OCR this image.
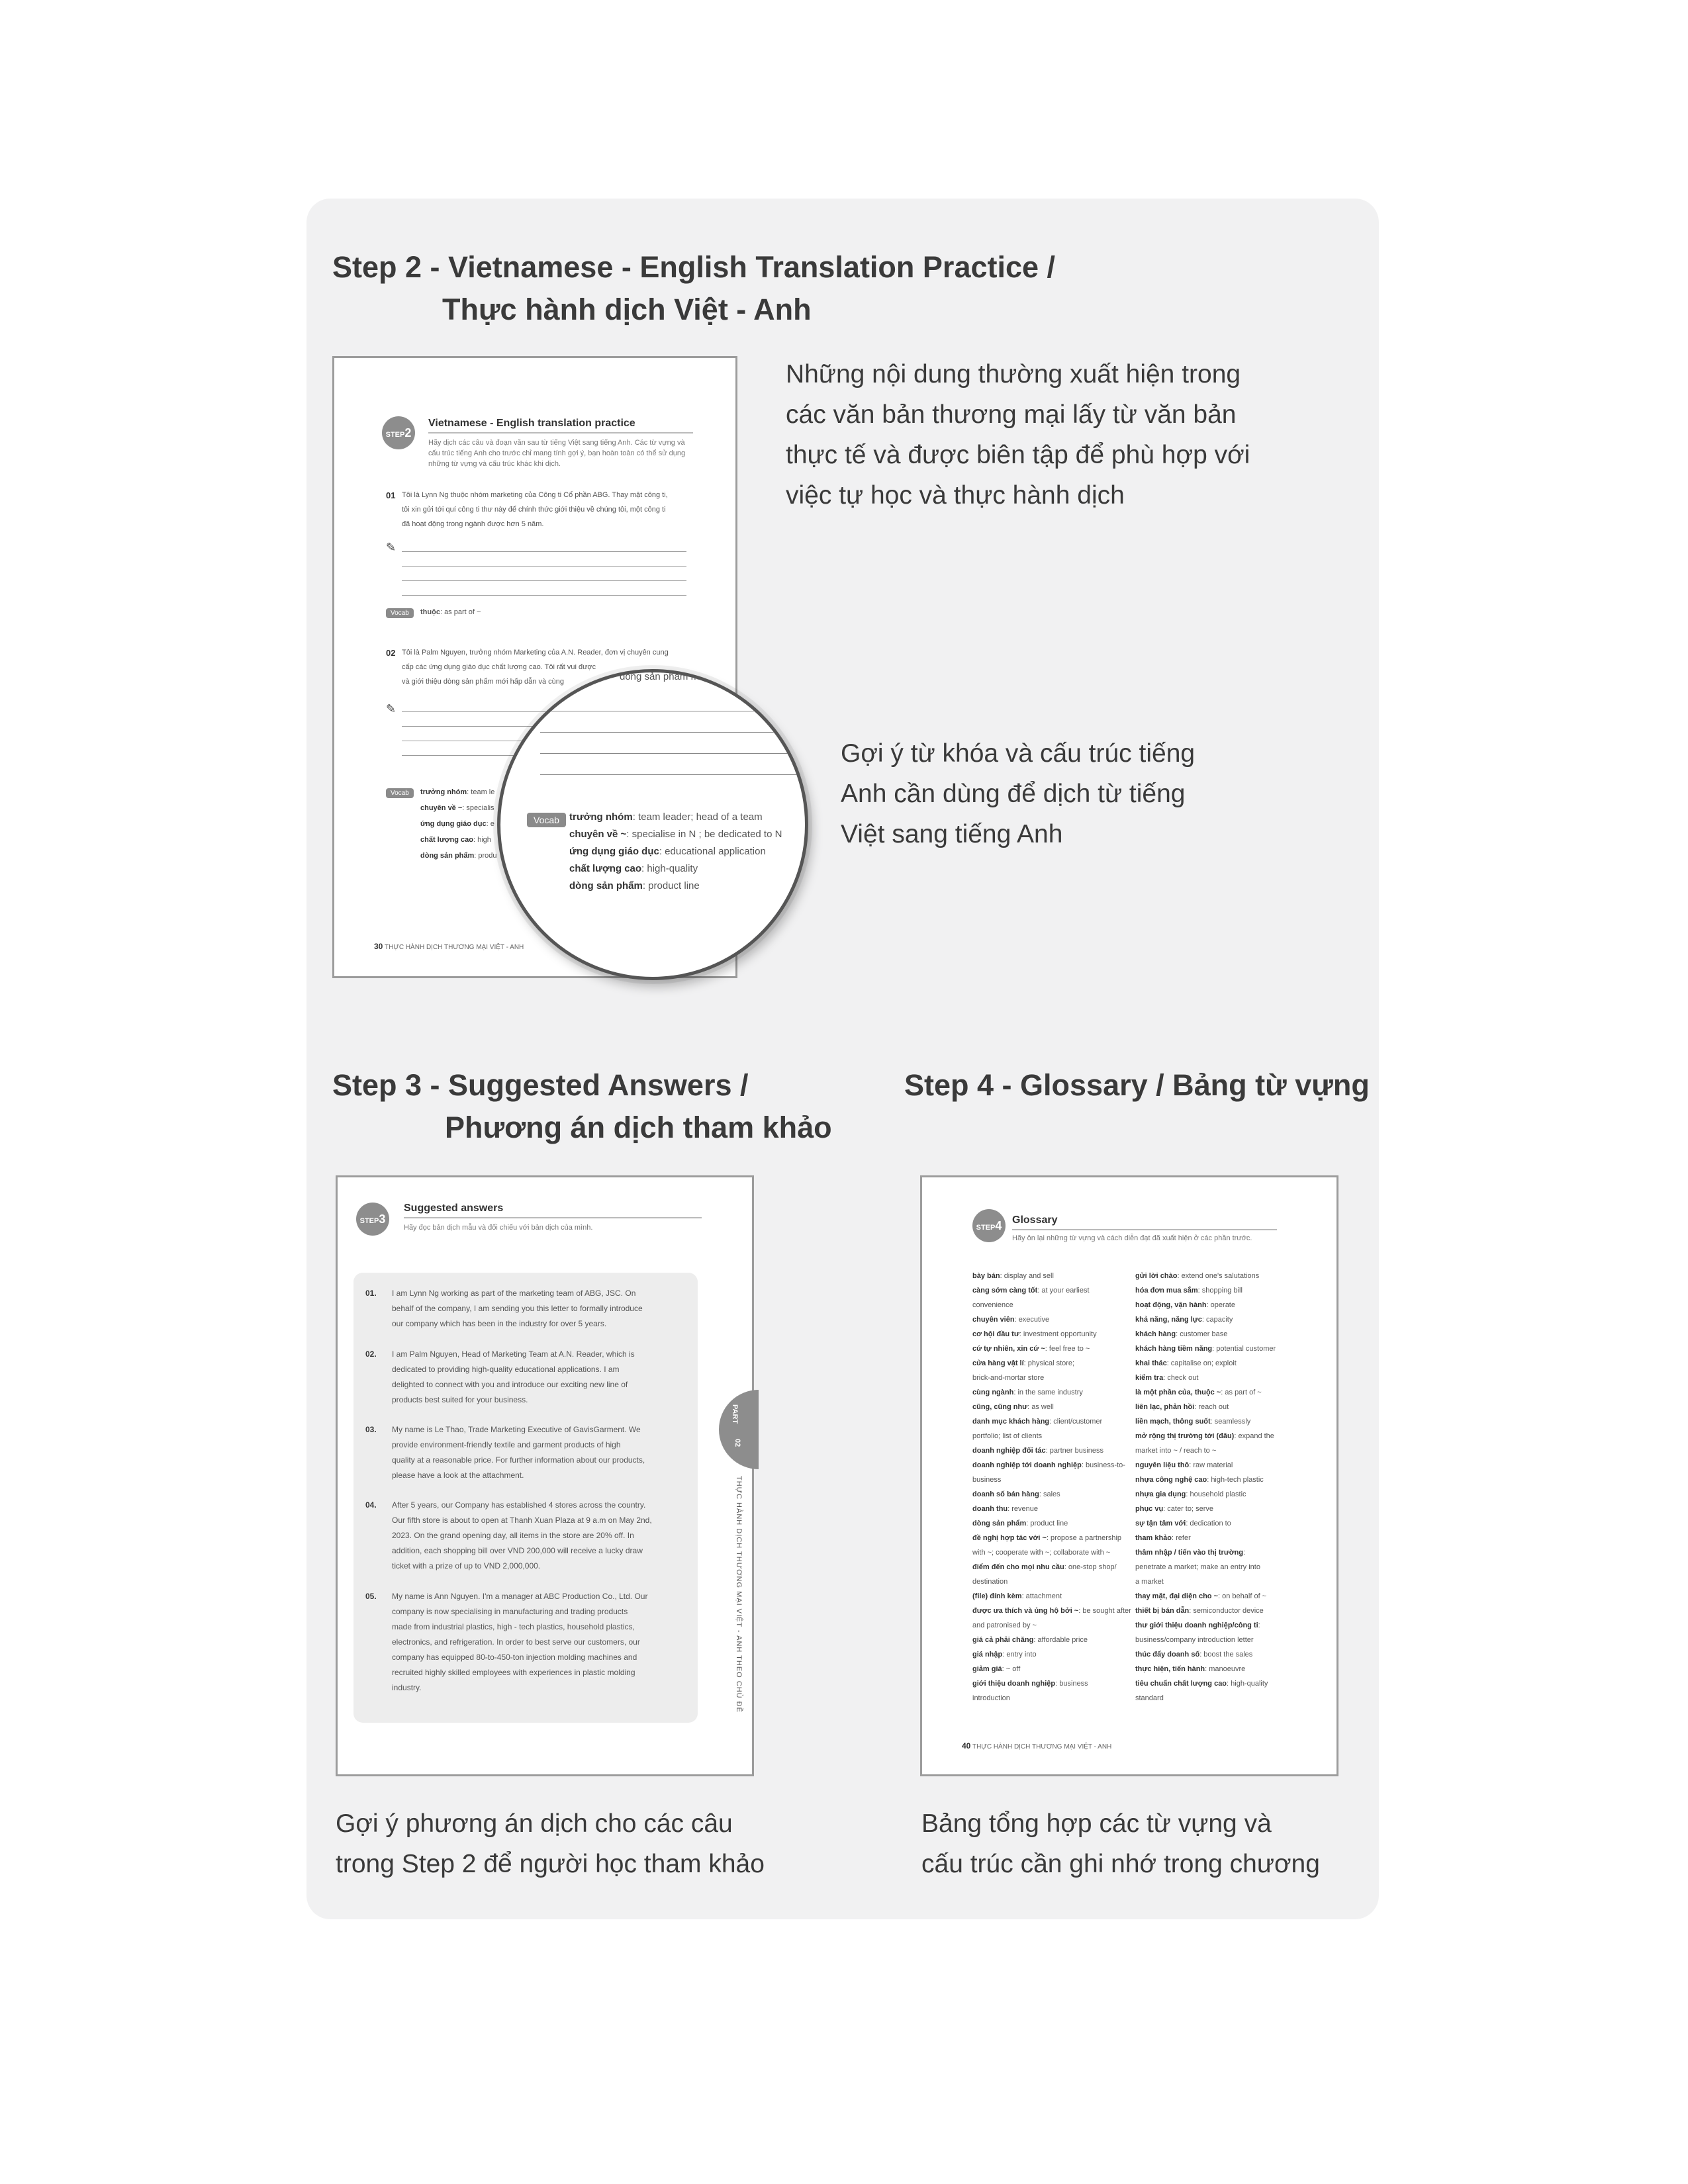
Step 2 - Vietnamese - English Translation Practice /
Thực hành dịch Việt - Anh
Những nội dung thường xuất hiện trong
các văn bản thương mại lấy từ văn bản
thực tế và được biên tập để phù hợp với
việc tự học và thực hành dịch
Gợi ý từ khóa và cấu trúc tiếng
Anh cần dùng để dịch từ tiếng
Việt sang tiếng Anh
STEP2
Vietnamese - English translation practice
Hãy dịch các câu và đoạn văn sau từ tiếng Việt sang tiếng Anh. Các từ vựng và
cấu trúc tiếng Anh cho trước chỉ mang tính gợi ý, bạn hoàn toàn có thể sử dụng
những từ vựng và cấu trúc khác khi dịch.
01 Tôi là Lynn Ng thuộc nhóm marketing của Công ti Cổ phần ABG. Thay mặt công ti,
tôi xin gửi tới quí công ti thư này để chính thức giới thiệu về chúng tôi, một công ti
đã hoạt động trong ngành được hơn 5 năm.
✎
Vocab	thuộc: as part of ~
02 Tôi là Palm Nguyen, trưởng nhóm Marketing của A.N. Reader, đơn vị chuyên cung
cấp các ứng dụng giáo dục chất lượng cao. Tôi rất vui được
và giới thiệu dòng sản phẩm mới hấp dẫn và cùng
✎
Vocab	trưởng nhóm: team le
chuyên về ~: specialis
ứng dụng giáo dục: e
chất lượng cao: high
dòng sản phẩm: produ
30 THỰC HÀNH DỊCH THƯƠNG MẠI VIỆT - ANH
dòng sản phẩm mới h
Vocab	trưởng nhóm: team leader; head of a team
chuyên về ~: specialise in N ; be dedicated to N
ứng dụng giáo dục: educational application
chất lượng cao: high-quality
dòng sản phẩm: product line
Step 3 - Suggested Answers /
Phương án dịch tham khảo
STEP3
Suggested answers
Hãy đọc bản dịch mẫu và đối chiếu với bản dịch của mình.
01. I am Lynn Ng working as part of the marketing team of ABG, JSC. On
behalf of the company, I am sending you this letter to formally introduce
our company which has been in the industry for over 5 years.
02. I am Palm Nguyen, Head of Marketing Team at A.N. Reader, which is
dedicated to providing high-quality educational applications. I am
delighted to connect with you and introduce our exciting new line of
products best suited for your business.
03. My name is Le Thao, Trade Marketing Executive of GavisGarment. We
provide environment-friendly textile and garment products of high
quality at a reasonable price. For further information about our products,
please have a look at the attachment.
04. After 5 years, our Company has established 4 stores across the country.
Our fifth store is about to open at Thanh Xuan Plaza at 9 a.m on May 2nd,
2023. On the grand opening day, all items in the store are 20% off. In
addition, each shopping bill over VND 200,000 will receive a lucky draw
ticket with a prize of up to VND 2,000,000.
05. My name is Ann Nguyen. I'm a manager at ABC Production Co., Ltd. Our
company is now specialising in manufacturing and trading products
made from industrial plastics, high - tech plastics, household plastics,
electronics, and refrigeration. In order to best serve our customers, our
company has equipped 80-to-450-ton injection molding machines and
recruited highly skilled employees with experiences in plastic molding
industry.
PART
02
THỰC HÀNH DỊCH THƯƠNG MẠI VIỆT - ANH THEO CHỦ ĐỀ
Gợi ý phương án dịch cho các câu
trong Step 2 để người học tham khảo
Step 4 - Glossary / Bảng từ vựng
STEP4 Glossary
Hãy ôn lại những từ vựng và cách diễn đạt đã xuất hiện ở các phần trước.
bày bán: display and sell
càng sớm càng tốt: at your earliest
convenience
chuyên viên: executive
cơ hội đầu tư: investment opportunity
cứ tự nhiên, xin cứ ~: feel free to ~
cửa hàng vật lí: physical store;
brick-and-mortar store
cùng ngành: in the same industry
cũng, cũng như: as well
danh mục khách hàng: client/customer
portfolio; list of clients
doanh nghiệp đối tác: partner business
doanh nghiệp tới doanh nghiệp: business-to-
business
doanh số bán hàng: sales
doanh thu: revenue
dòng sản phẩm: product line
đề nghị hợp tác với ~: propose a partnership
with ~; cooperate with ~; collaborate with ~
điểm đến cho mọi nhu cầu: one-stop shop/
destination
(file) đính kèm: attachment
được ưa thích và ủng hộ bởi ~: be sought after
and patronised by ~
giá cả phải chăng: affordable price
giá nhập: entry into
giảm giá: ~ off
giới thiệu doanh nghiệp: business
introduction
gửi lời chào: extend one's salutations
hóa đơn mua sắm: shopping bill
hoạt động, vận hành: operate
khả năng, năng lực: capacity
khách hàng: customer base
khách hàng tiềm năng: potential customer
khai thác: capitalise on; exploit
kiểm tra: check out
là một phần của, thuộc ~: as part of ~
liên lạc, phản hồi: reach out
liền mạch, thông suốt: seamlessly
mở rộng thị trường tới (đâu): expand the
market into ~ / reach to ~
nguyên liệu thô: raw material
nhựa công nghệ cao: high-tech plastic
nhựa gia dụng: household plastic
phục vụ: cater to; serve
sự tận tâm với: dedication to
tham khảo: refer
thâm nhập / tiến vào thị trường:
penetrate a market; make an entry into
a market
thay mặt, đại diện cho ~: on behalf of ~
thiết bị bán dẫn: semiconductor device
thư giới thiệu doanh nghiệp/công ti:
business/company introduction letter
thúc đẩy doanh số: boost the sales
thực hiện, tiến hành: manoeuvre
tiêu chuẩn chất lượng cao: high-quality
standard
40 THỰC HÀNH DỊCH THƯƠNG MẠI VIỆT - ANH
Bảng tổng hợp các từ vựng và
cấu trúc cần ghi nhớ trong chương
